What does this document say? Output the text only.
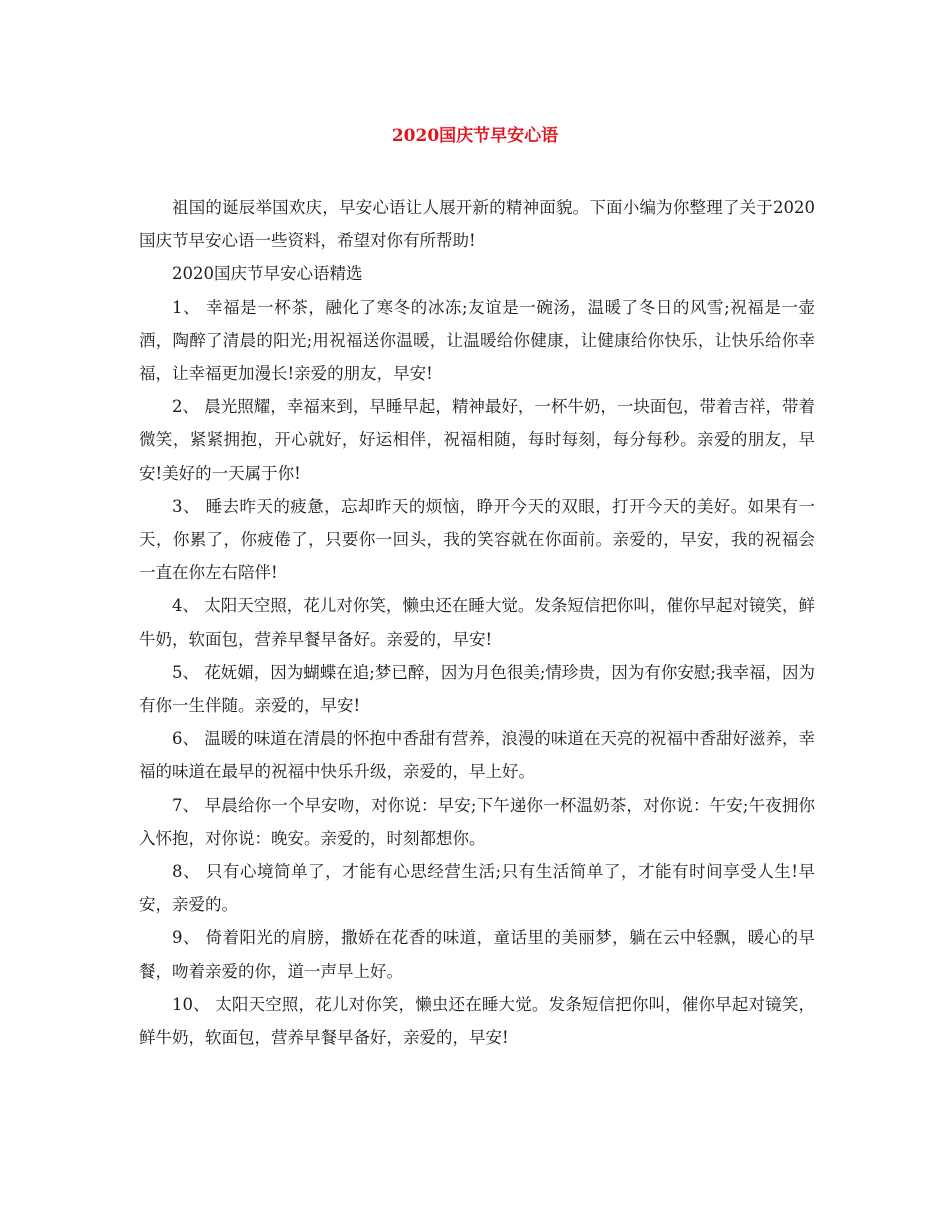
2020国庆节早安心语

祖国的诞辰举国欢庆，早安心语让人展开新的精神面貌。下面小编为你整理了关于2020国庆节早安心语一些资料，希望对你有所帮助!

2020国庆节早安心语精选

1、 幸福是一杯茶，融化了寒冬的冰冻;友谊是一碗汤，温暖了冬日的风雪;祝福是一壶酒，陶醉了清晨的阳光;用祝福送你温暖，让温暖给你健康，让健康给你快乐，让快乐给你幸福，让幸福更加漫长!亲爱的朋友，早安!

2、 晨光照耀，幸福来到，早睡早起，精神最好，一杯牛奶，一块面包，带着吉祥，带着微笑，紧紧拥抱，开心就好，好运相伴，祝福相随，每时每刻，每分每秒。亲爱的朋友，早安!美好的一天属于你!

3、 睡去昨天的疲惫，忘却昨天的烦恼，睁开今天的双眼，打开今天的美好。如果有一天，你累了，你疲倦了，只要你一回头，我的笑容就在你面前。亲爱的，早安，我的祝福会一直在你左右陪伴!

4、 太阳天空照，花儿对你笑，懒虫还在睡大觉。发条短信把你叫，催你早起对镜笑，鲜牛奶，软面包，营养早餐早备好。亲爱的，早安!

5、 花妩媚，因为蝴蝶在追;梦已醉，因为月色很美;情珍贵，因为有你安慰;我幸福，因为有你一生伴随。亲爱的，早安!

6、 温暖的味道在清晨的怀抱中香甜有营养，浪漫的味道在天亮的祝福中香甜好滋养，幸福的味道在最早的祝福中快乐升级，亲爱的，早上好。

7、 早晨给你一个早安吻，对你说：早安;下午递你一杯温奶茶，对你说：午安;午夜拥你入怀抱，对你说：晚安。亲爱的，时刻都想你。

8、 只有心境简单了，才能有心思经营生活;只有生活简单了，才能有时间享受人生!早安，亲爱的。

9、 倚着阳光的肩膀，撒娇在花香的味道，童话里的美丽梦，躺在云中轻飘，暖心的早餐，吻着亲爱的你，道一声早上好。

10、 太阳天空照，花儿对你笑，懒虫还在睡大觉。发条短信把你叫，催你早起对镜笑，鲜牛奶，软面包，营养早餐早备好，亲爱的，早安!
